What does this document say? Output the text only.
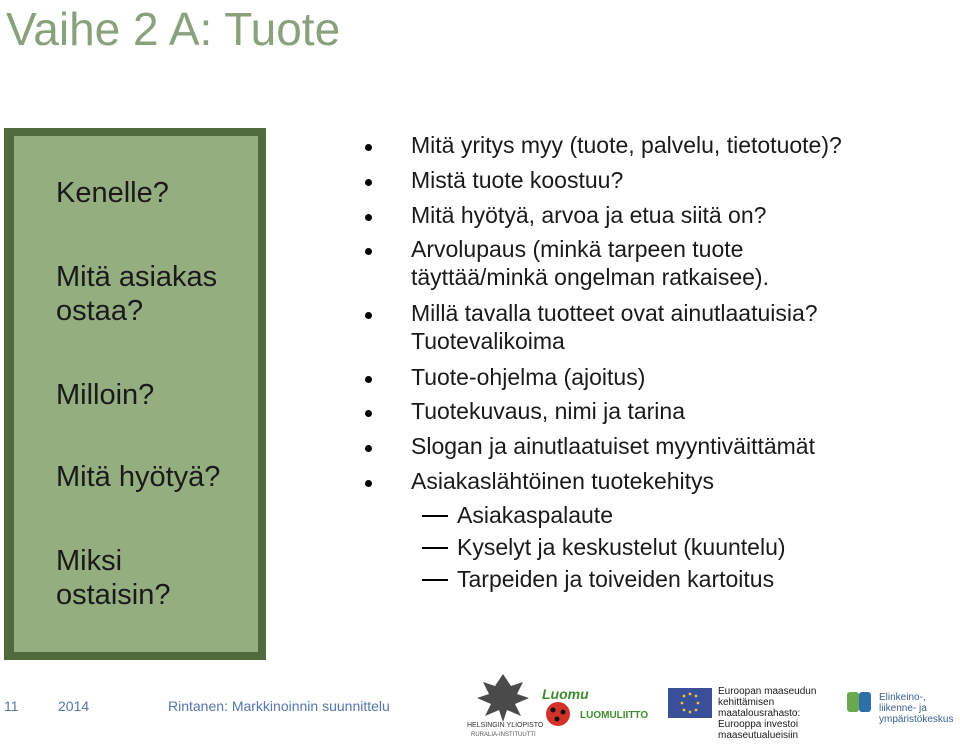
Vaihe 2 A: Tuote
Kenelle?
Mitä asiakas
ostaa?
Milloin?
Mitä hyötyä?
Miksi
ostaisin?
Mitä yritys myy (tuote, palvelu, tietotuote)?
Mistä tuote koostuu?
Mitä hyötyä, arvoa ja etua siitä on?
Arvolupaus (minkä tarpeen tuote
täyttää/minkä ongelman ratkaisee).
Millä tavalla tuotteet ovat ainutlaatuisia?
Tuotevalikoima
Tuote-ohjelma (ajoitus)
Tuotekuvaus, nimi ja tarina
Slogan ja ainutlaatuiset myyntiväittämät
Asiakaslähtöinen tuotekehitys
Asiakaspalaute
Kyselyt ja keskustelut (kuuntelu)
Tarpeiden ja toiveiden kartoitus
11	2014	Rintanen: Markkinoinnin suunnittelu
HELSINGIN YLIOPISTO
RURALIA-INSTITUUTTI
Luomu
LUOMULIITTO
Euroopan maaseudun
kehittämisen maatalousrahasto:
Eurooppa investoi maaseutualueisiin
Elinkeino-, liikenne- ja
ympäristökeskus
